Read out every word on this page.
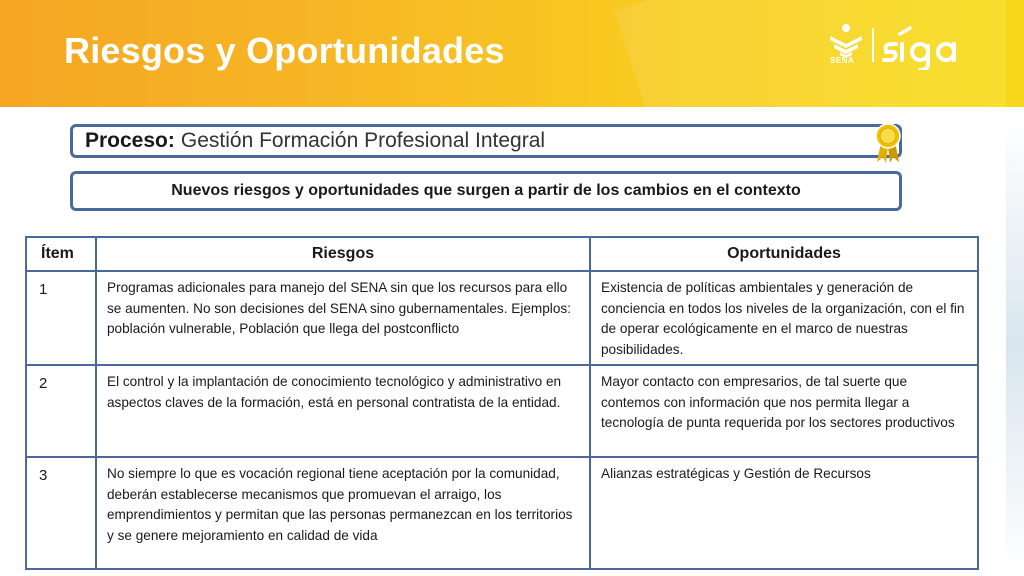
Riesgos y Oportunidades	SENA
Proceso: Gestión Formación Profesional Integral
Nuevos riesgos y oportunidades que surgen a partir de los cambios en el contexto
Ítem	Riesgos	Oportunidades
1	Programas adicionales para manejo del SENA sin que los recursos para ello se aumenten. No son decisiones del SENA sino gubernamentales. Ejemplos: población vulnerable, Población que llega del postconflicto	Existencia de políticas ambientales y generación de conciencia en todos los niveles de la organización, con el fin de operar ecológicamente en el marco de nuestras posibilidades.
2	El control y la implantación de conocimiento tecnológico y administrativo en aspectos claves de la formación, está en personal contratista de la entidad.	Mayor contacto con empresarios, de tal suerte que contemos con información que nos permita llegar a tecnología de punta requerida por los sectores productivos
3	No siempre lo que es vocación regional tiene aceptación por la comunidad, deberán establecerse mecanismos que promuevan el arraigo, los emprendimientos y permitan que las personas permanezcan en los territorios y se genere mejoramiento en calidad de vida	Alianzas estratégicas y Gestión de Recursos
